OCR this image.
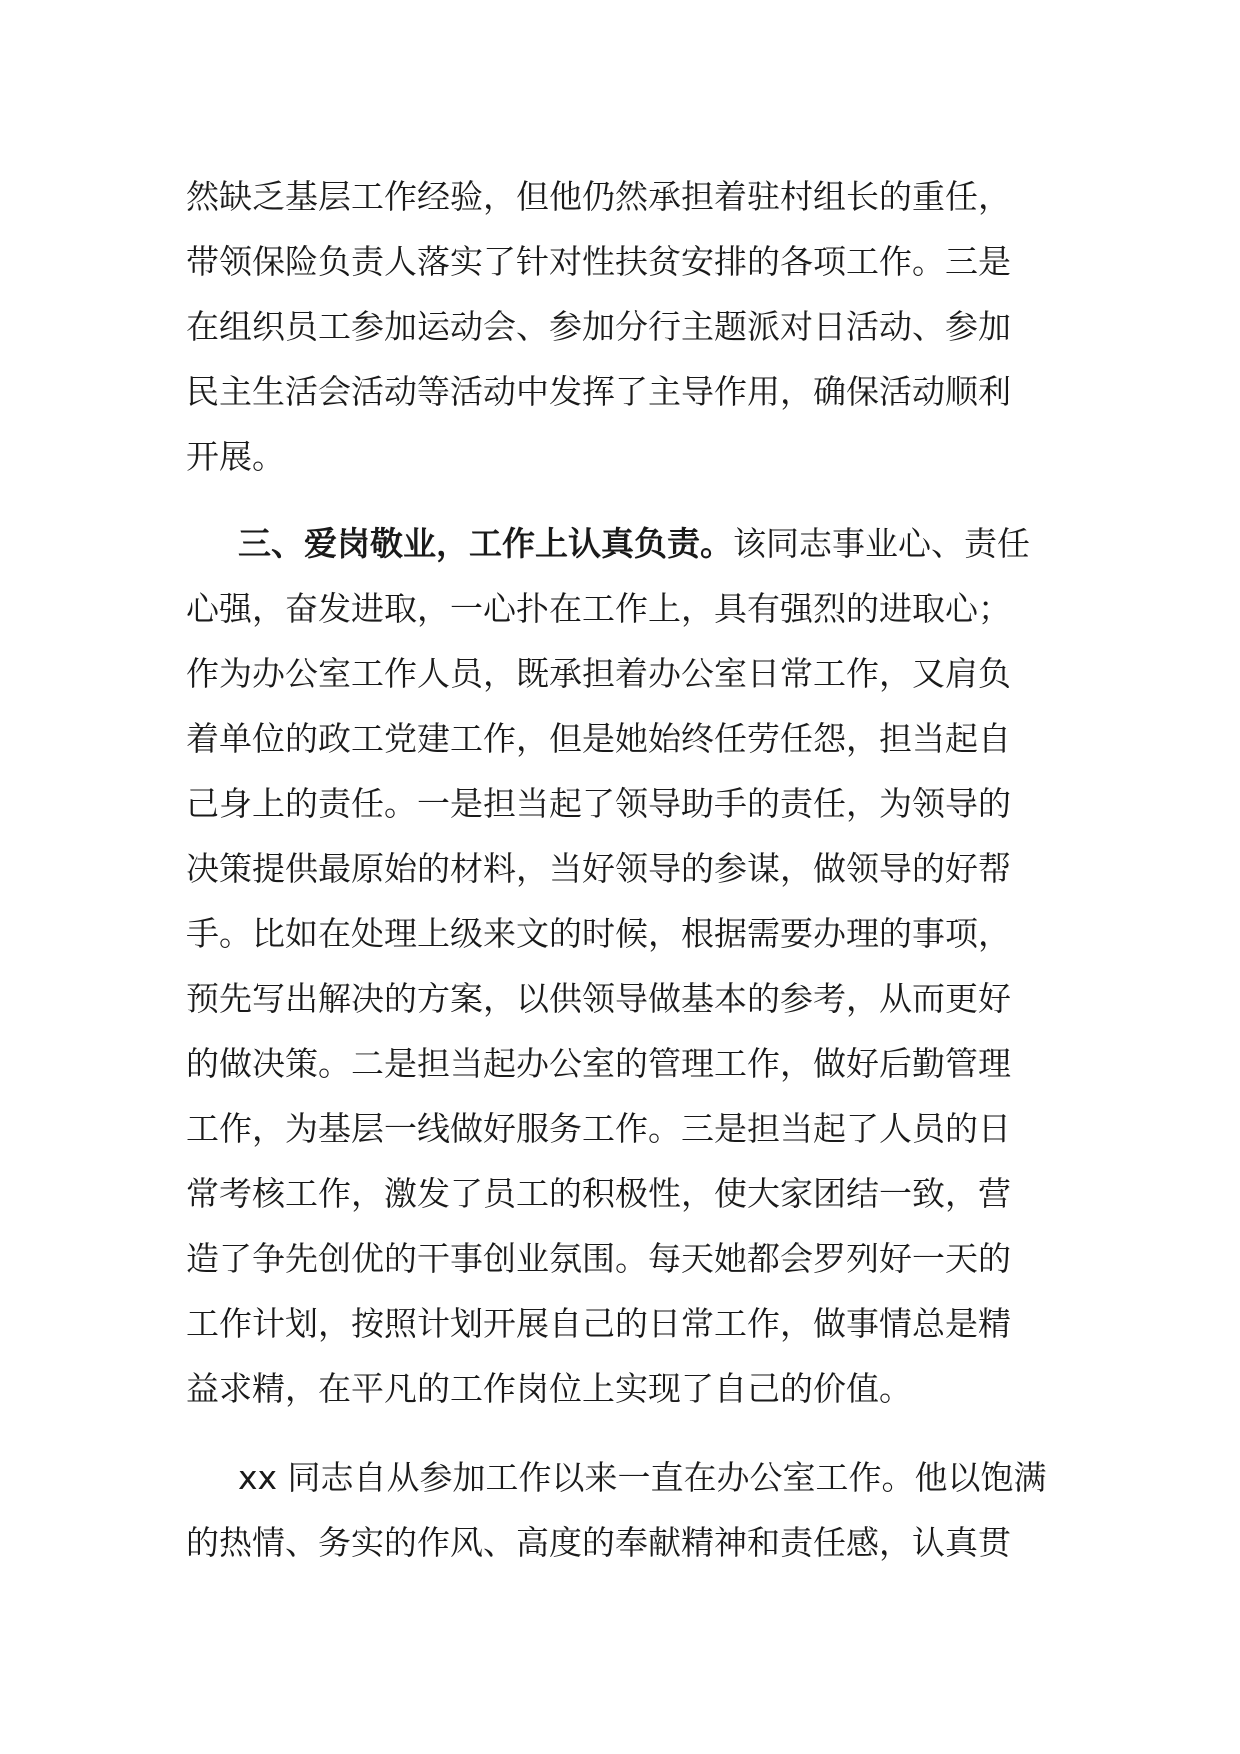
然缺乏基层工作经验，但他仍然承担着驻村组长的重任，
带领保险负责人落实了针对性扶贫安排的各项工作。三是
在组织员工参加运动会、参加分行主题派对日活动、参加
民主生活会活动等活动中发挥了主导作用，确保活动顺利
开展。
三、爱岗敬业，工作上认真负责。该同志事业心、责任
心强，奋发进取，一心扑在工作上，具有强烈的进取心；
作为办公室工作人员，既承担着办公室日常工作，又肩负
着单位的政工党建工作，但是她始终任劳任怨，担当起自
己身上的责任。一是担当起了领导助手的责任，为领导的
决策提供最原始的材料，当好领导的参谋，做领导的好帮
手。比如在处理上级来文的时候，根据需要办理的事项，
预先写出解决的方案，以供领导做基本的参考，从而更好
的做决策。二是担当起办公室的管理工作，做好后勤管理
工作，为基层一线做好服务工作。三是担当起了人员的日
常考核工作，激发了员工的积极性，使大家团结一致，营
造了争先创优的干事创业氛围。每天她都会罗列好一天的
工作计划，按照计划开展自己的日常工作，做事情总是精
益求精，在平凡的工作岗位上实现了自己的价值。
xx 同志自从参加工作以来一直在办公室工作。他以饱满
的热情、务实的作风、高度的奉献精神和责任感，认真贯
